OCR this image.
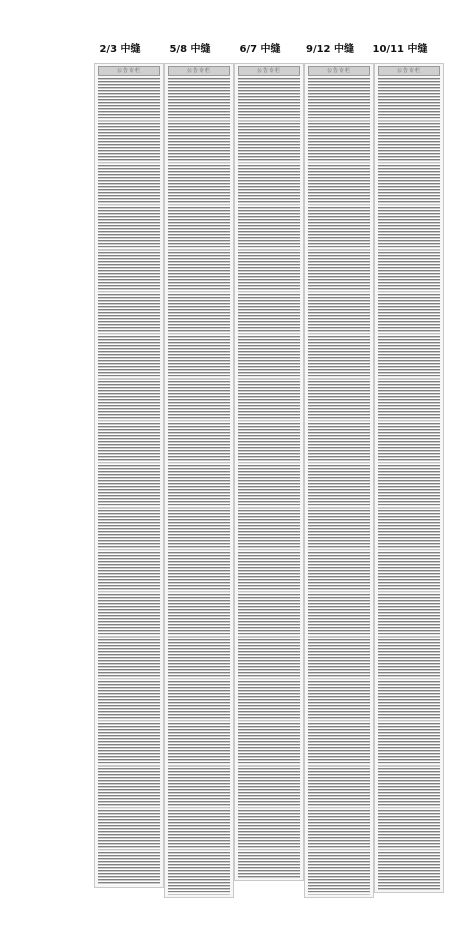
2/3 中缝	5/8 中缝	6/7 中缝	9/12 中缝	10/11 中缝
公告专栏	公告专栏	公告专栏	公告专栏	公告专栏
